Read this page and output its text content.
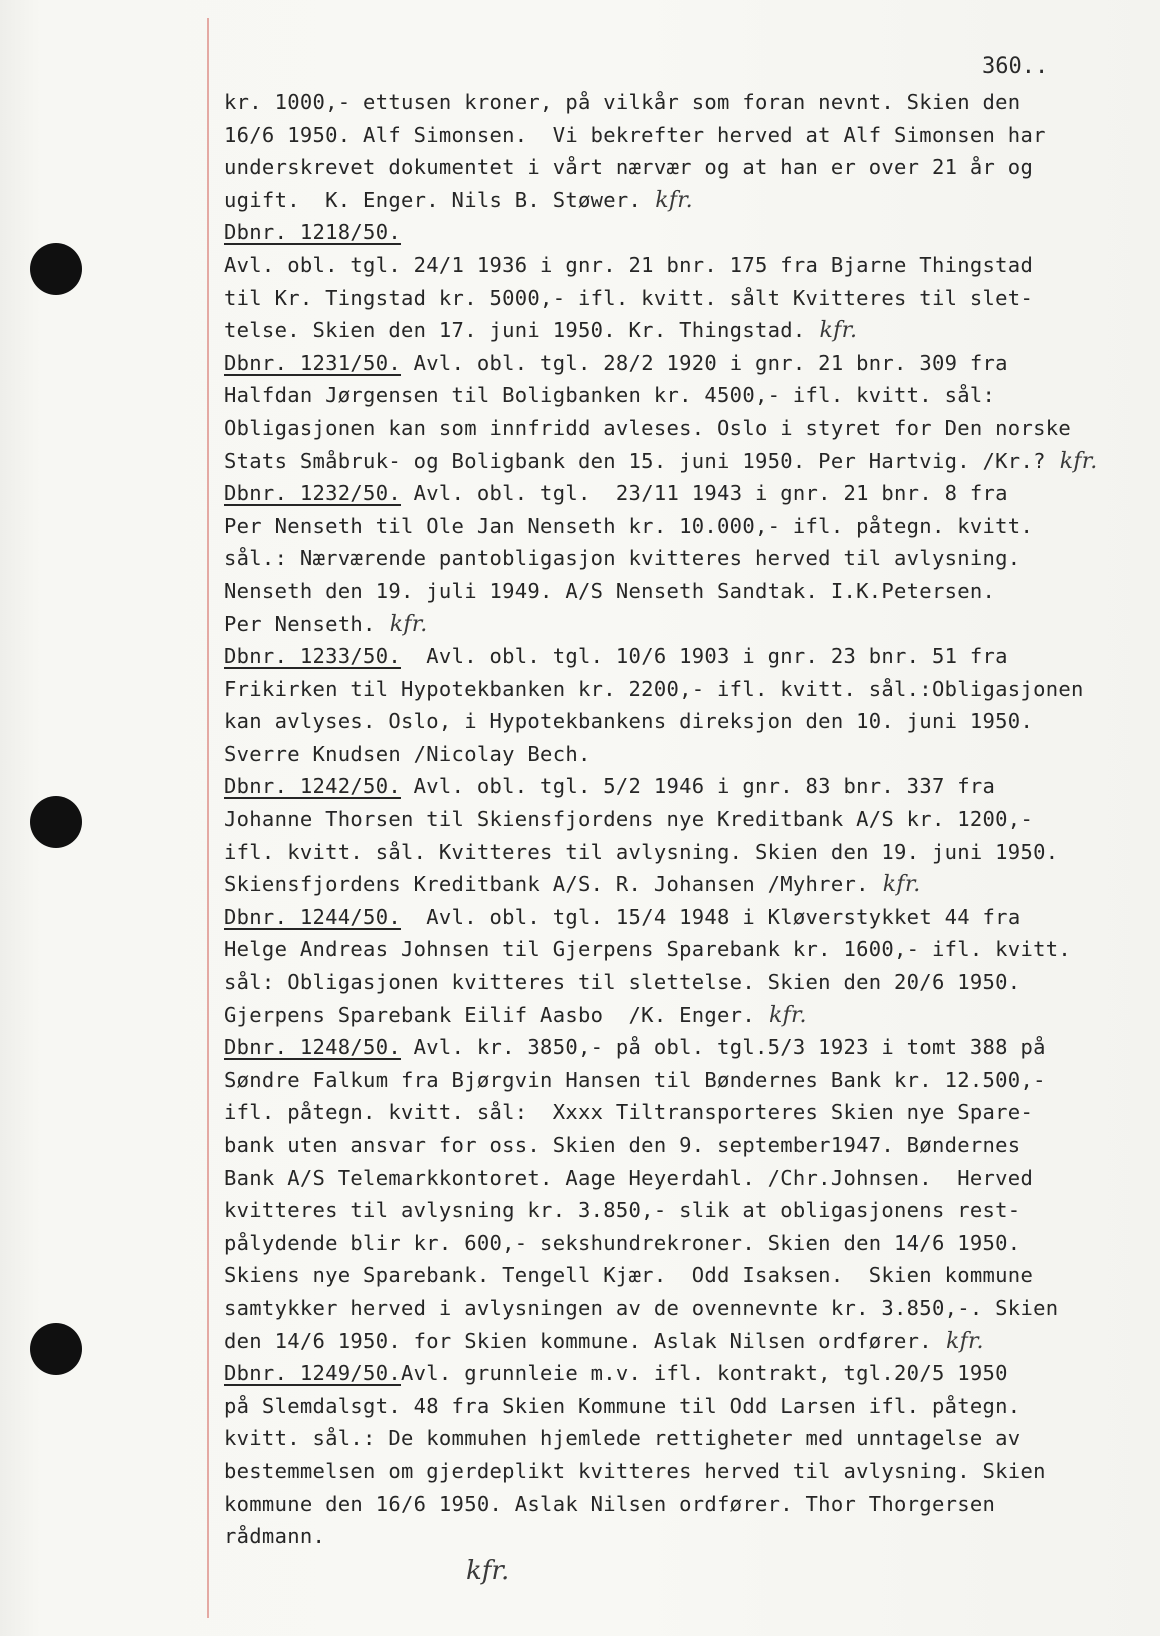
360..
kr. 1000,- ettusen kroner, på vilkår som foran nevnt. Skien den
16/6 1950. Alf Simonsen.  Vi bekrefter herved at Alf Simonsen har
underskrevet dokumentet i vårt nærvær og at han er over 21 år og
ugift.  K. Enger. Nils B. Støwer. kfr.
Dbnr. 1218/50.
Avl. obl. tgl. 24/1 1936 i gnr. 21 bnr. 175 fra Bjarne Thingstad
til Kr. Tingstad kr. 5000,- ifl. kvitt. sålt Kvitteres til slet-
telse. Skien den 17. juni 1950. Kr. Thingstad. kfr.
Dbnr. 1231/50. Avl. obl. tgl. 28/2 1920 i gnr. 21 bnr. 309 fra
Halfdan Jørgensen til Boligbanken kr. 4500,- ifl. kvitt. sål:
Obligasjonen kan som innfridd avleses. Oslo i styret for Den norske
Stats Småbruk- og Boligbank den 15. juni 1950. Per Hartvig. /Kr.? kfr.
Dbnr. 1232/50. Avl. obl. tgl.  23/11 1943 i gnr. 21 bnr. 8 fra
Per Nenseth til Ole Jan Nenseth kr. 10.000,- ifl. påtegn. kvitt.
sål.: Nærværende pantobligasjon kvitteres herved til avlysning.
Nenseth den 19. juli 1949. A/S Nenseth Sandtak. I.K.Petersen.
Per Nenseth. kfr.
Dbnr. 1233/50.  Avl. obl. tgl. 10/6 1903 i gnr. 23 bnr. 51 fra
Frikirken til Hypotekbanken kr. 2200,- ifl. kvitt. sål.:Obligasjonen
kan avlyses. Oslo, i Hypotekbankens direksjon den 10. juni 1950.
Sverre Knudsen /Nicolay Bech.
Dbnr. 1242/50. Avl. obl. tgl. 5/2 1946 i gnr. 83 bnr. 337 fra
Johanne Thorsen til Skiensfjordens nye Kreditbank A/S kr. 1200,-
ifl. kvitt. sål. Kvitteres til avlysning. Skien den 19. juni 1950.
Skiensfjordens Kreditbank A/S. R. Johansen /Myhrer. kfr.
Dbnr. 1244/50.  Avl. obl. tgl. 15/4 1948 i Kløverstykket 44 fra
Helge Andreas Johnsen til Gjerpens Sparebank kr. 1600,- ifl. kvitt.
sål: Obligasjonen kvitteres til slettelse. Skien den 20/6 1950.
Gjerpens Sparebank Eilif Aasbo  /K. Enger. kfr.
Dbnr. 1248/50. Avl. kr. 3850,- på obl. tgl.5/3 1923 i tomt 388 på
Søndre Falkum fra Bjørgvin Hansen til Bøndernes Bank kr. 12.500,-
ifl. påtegn. kvitt. sål:  Xxxx Tiltransporteres Skien nye Spare-
bank uten ansvar for oss. Skien den 9. september1947. Bøndernes
Bank A/S Telemarkkontoret. Aage Heyerdahl. /Chr.Johnsen.  Herved
kvitteres til avlysning kr. 3.850,- slik at obligasjonens rest-
pålydende blir kr. 600,- sekshundrekroner. Skien den 14/6 1950.
Skiens nye Sparebank. Tengell Kjær.  Odd Isaksen.  Skien kommune
samtykker herved i avlysningen av de ovennevnte kr. 3.850,-. Skien
den 14/6 1950. for Skien kommune. Aslak Nilsen ordfører. kfr.
Dbnr. 1249/50.Avl. grunnleie m.v. ifl. kontrakt, tgl.20/5 1950
på Slemdalsgt. 48 fra Skien Kommune til Odd Larsen ifl. påtegn.
kvitt. sål.: De kommuhen hjemlede rettigheter med unntagelse av
bestemmelsen om gjerdeplikt kvitteres herved til avlysning. Skien
kommune den 16/6 1950. Aslak Nilsen ordfører. Thor Thorgersen
rådmann.
kfr.
